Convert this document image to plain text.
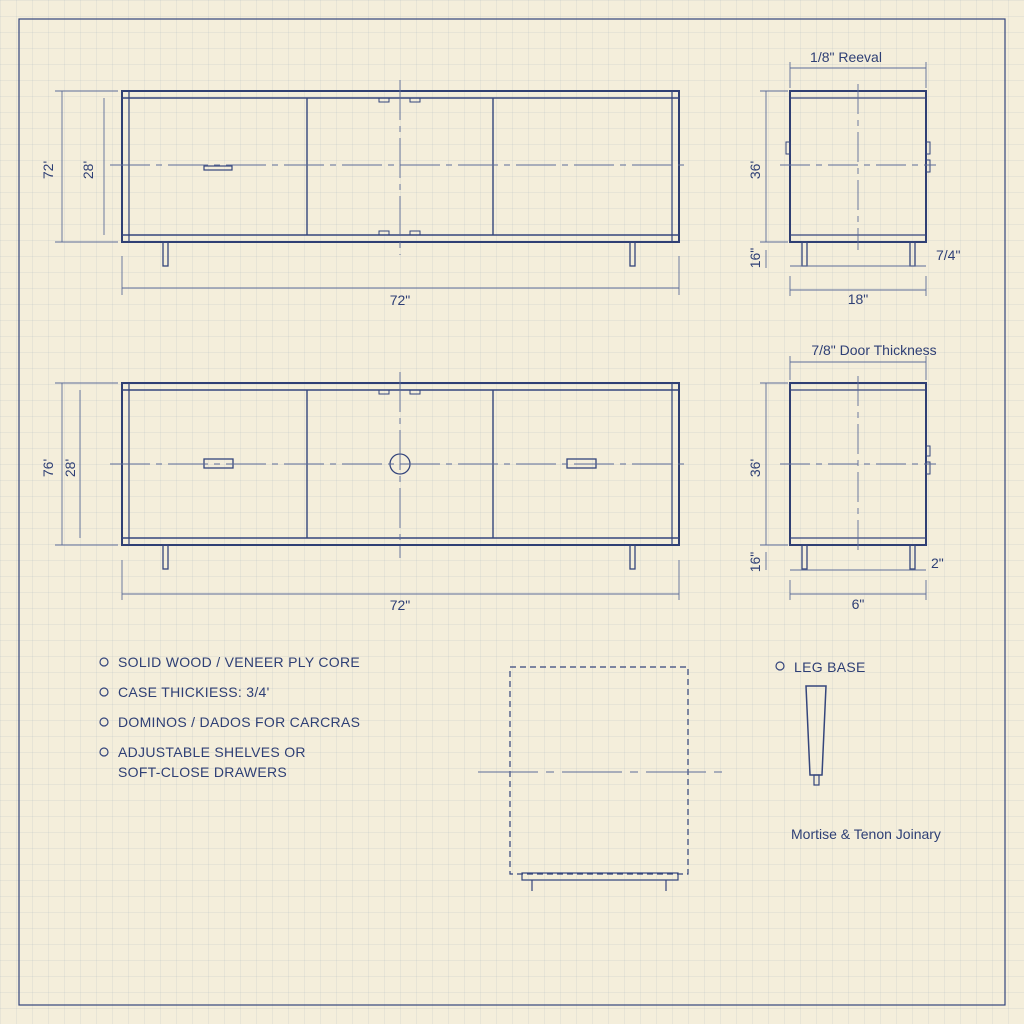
72' 28'
72"
1/8" Reeval
36'
16"	7/4"
18"
76' 28'
72"
7/8" Door Thickness
36'
16"	2"
6"
SOLID WOOD / VENEER PLY CORE
CASE THICKIESS: 3/4'
DOMINOS / DADOS FOR CARCRAS
ADJUSTABLE SHELVES OR
SOFT-CLOSE DRAWERS
LEG BASE
Mortise & Tenon Joinary
